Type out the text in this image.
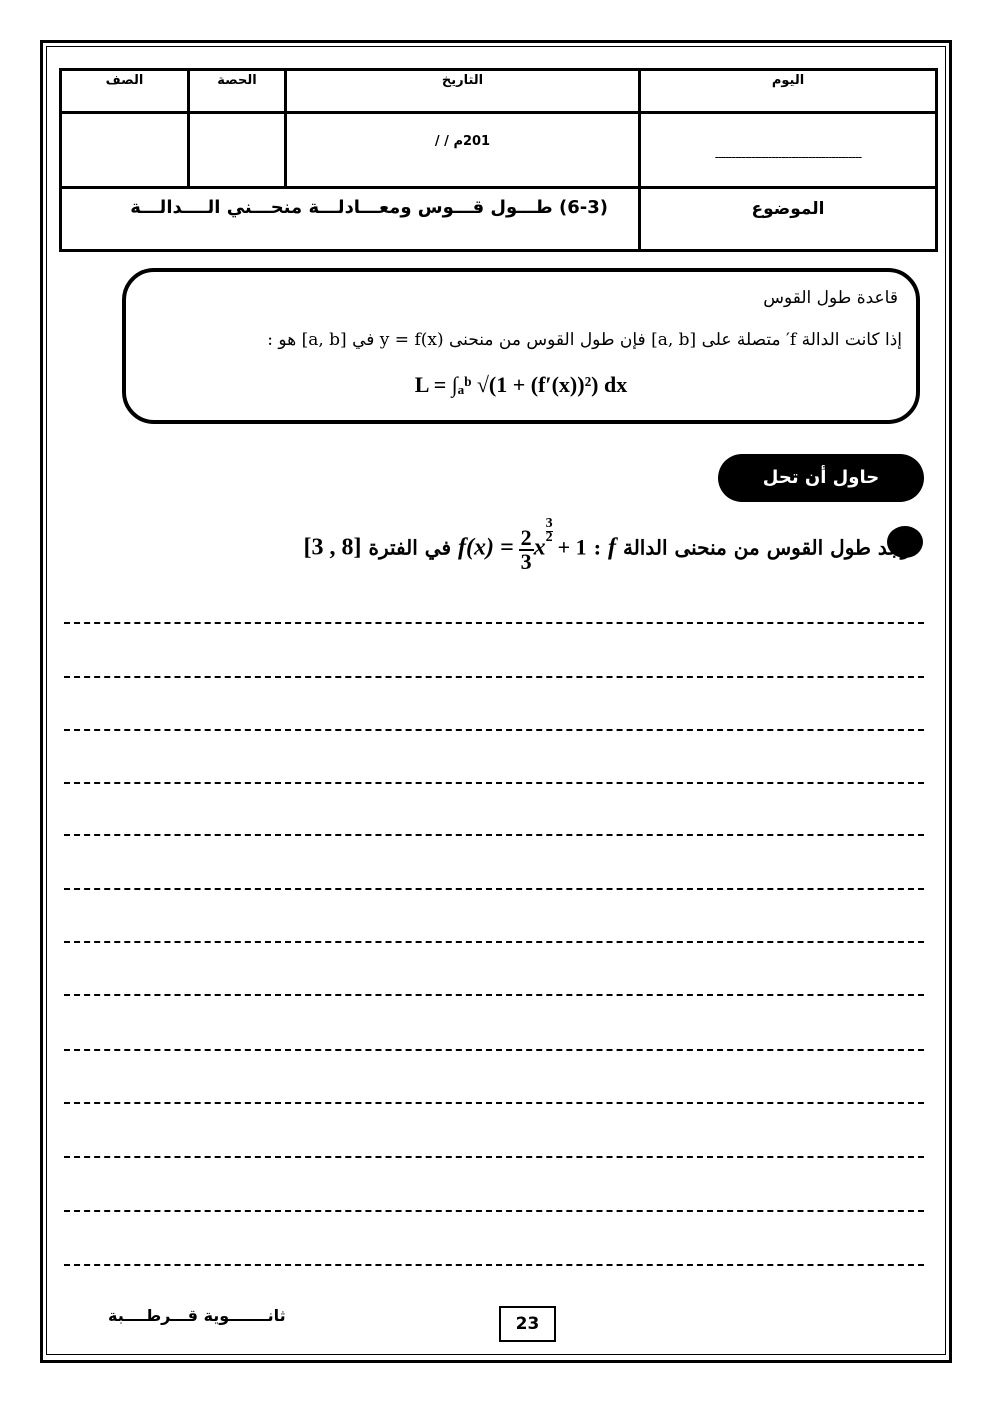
الصف	الحصة	التاريخ	اليوم

		201م / /	--------------------------------------------

(6-3) طـــول قـــوس ومعـــادلـــة منحـــني الــــدالـــة			الموضوع
قاعدة طول القوس
إذا كانت الدالة f′ متصلة على [a, b] فإن طول القوس من منحنى y = f(x) في [a, b] هو :
L = ∫ₐᵇ √(1 + (f′(x))²) dx
حاول أن تحل
أوجد طول القوس من منحنى الدالة f : $f(x) = \frac{2}{3}$ x
$\frac{3}{2}$
+ 1 في الفترة [3 , 8]
ثانـــــــوية قـــرطــــبة	23
